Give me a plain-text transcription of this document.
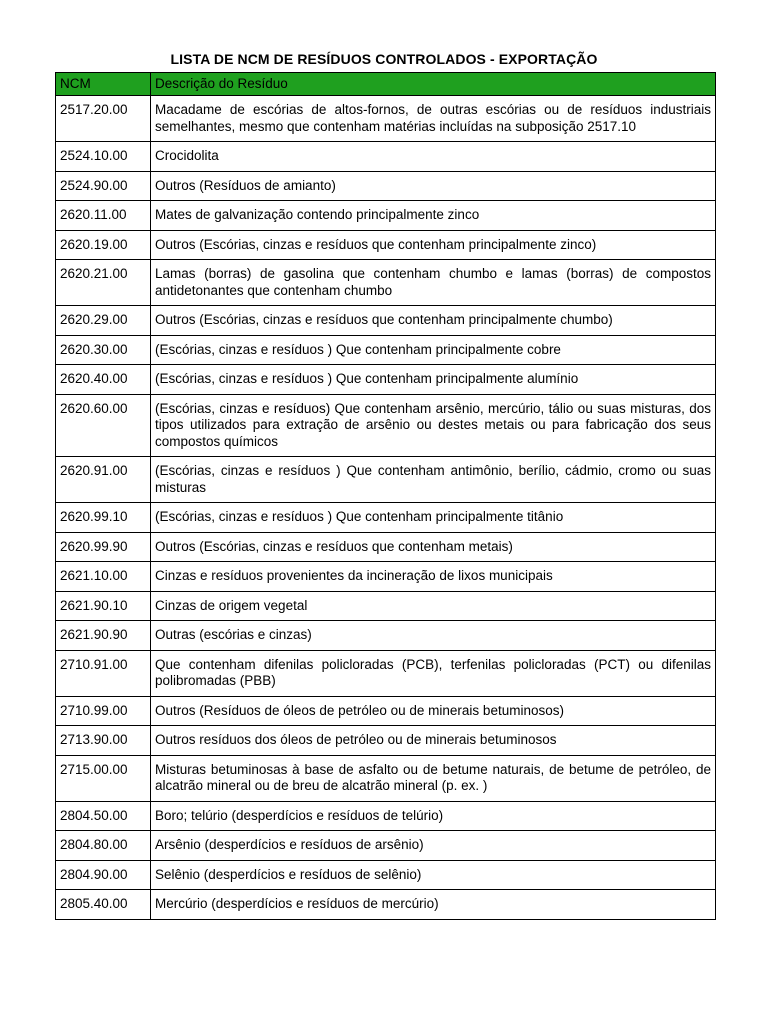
LISTA DE NCM DE RESÍDUOS CONTROLADOS - EXPORTAÇÃO
NCM	Descrição do Resíduo
2517.20.00	Macadame de escórias de altos-fornos, de outras escórias ou de resíduos industriais semelhantes, mesmo que contenham matérias incluídas na subposição 2517.10
2524.10.00	Crocidolita
2524.90.00	Outros (Resíduos de amianto)
2620.11.00	Mates de galvanização contendo principalmente zinco
2620.19.00	Outros (Escórias, cinzas e resíduos que contenham principalmente zinco)
2620.21.00	Lamas (borras) de gasolina que contenham chumbo e lamas (borras) de compostos antidetonantes que contenham chumbo
2620.29.00	Outros (Escórias, cinzas e resíduos que contenham principalmente chumbo)
2620.30.00	(Escórias, cinzas e resíduos ) Que contenham principalmente cobre
2620.40.00	(Escórias, cinzas e resíduos ) Que contenham principalmente alumínio
2620.60.00	(Escórias, cinzas e resíduos) Que contenham arsênio, mercúrio, tálio ou suas misturas, dos tipos utilizados para extração de arsênio ou destes metais ou para fabricação dos seus compostos químicos
2620.91.00	(Escórias, cinzas e resíduos ) Que contenham antimônio, berílio, cádmio, cromo ou suas misturas
2620.99.10	(Escórias, cinzas e resíduos ) Que contenham principalmente titânio
2620.99.90	Outros (Escórias, cinzas e resíduos que contenham metais)
2621.10.00	Cinzas e resíduos provenientes da incineração de lixos municipais
2621.90.10	Cinzas de origem vegetal
2621.90.90	Outras (escórias e cinzas)
2710.91.00	Que contenham difenilas policloradas (PCB), terfenilas policloradas (PCT) ou difenilas polibromadas (PBB)
2710.99.00	Outros (Resíduos de óleos de petróleo ou de minerais betuminosos)
2713.90.00	Outros resíduos dos óleos de petróleo ou de minerais betuminosos
2715.00.00	Misturas betuminosas à base de asfalto ou de betume naturais, de betume de petróleo, de alcatrão mineral ou de breu de alcatrão mineral (p. ex. )
2804.50.00	Boro; telúrio (desperdícios e resíduos de telúrio)
2804.80.00	Arsênio (desperdícios e resíduos de arsênio)
2804.90.00	Selênio (desperdícios e resíduos de selênio)
2805.40.00	Mercúrio (desperdícios e resíduos de mercúrio)
